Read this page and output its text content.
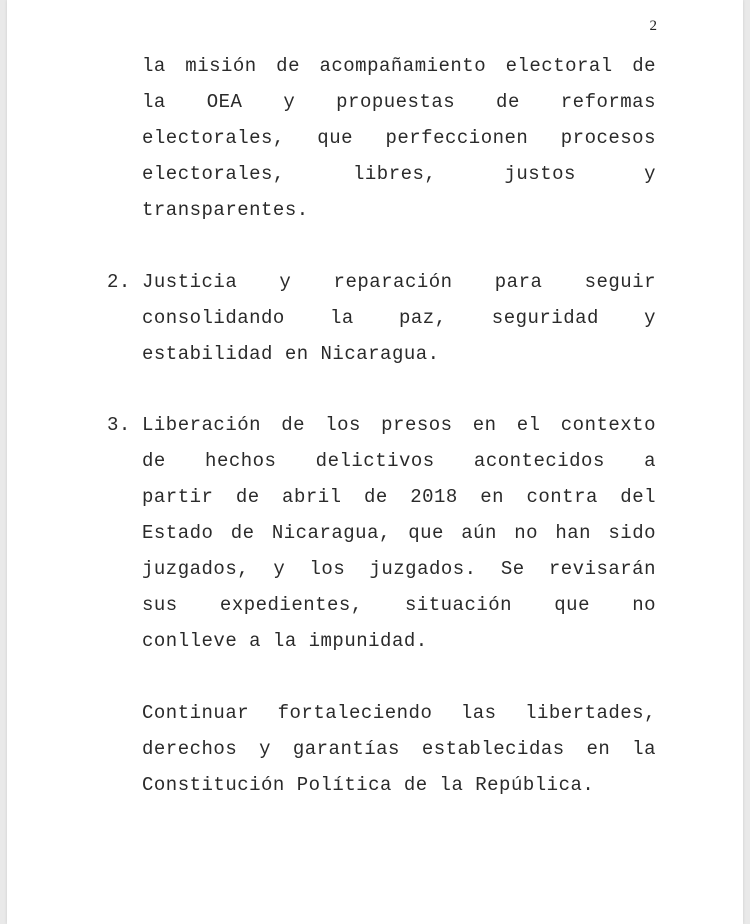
2
la misión de acompañamiento electoral de
la OEA y propuestas de reformas
electorales, que perfeccionen procesos
electorales, libres, justos y
transparentes.
2. Justicia y reparación para seguir
consolidando la paz, seguridad y
estabilidad en Nicaragua.
3. Liberación de los presos en el contexto
de hechos delictivos acontecidos a
partir de abril de 2018 en contra del
Estado de Nicaragua, que aún no han sido
juzgados, y los juzgados. Se revisarán
sus expedientes, situación que no
conlleve a la impunidad.
Continuar fortaleciendo las libertades,
derechos y garantías establecidas en la
Constitución Política de la República.
